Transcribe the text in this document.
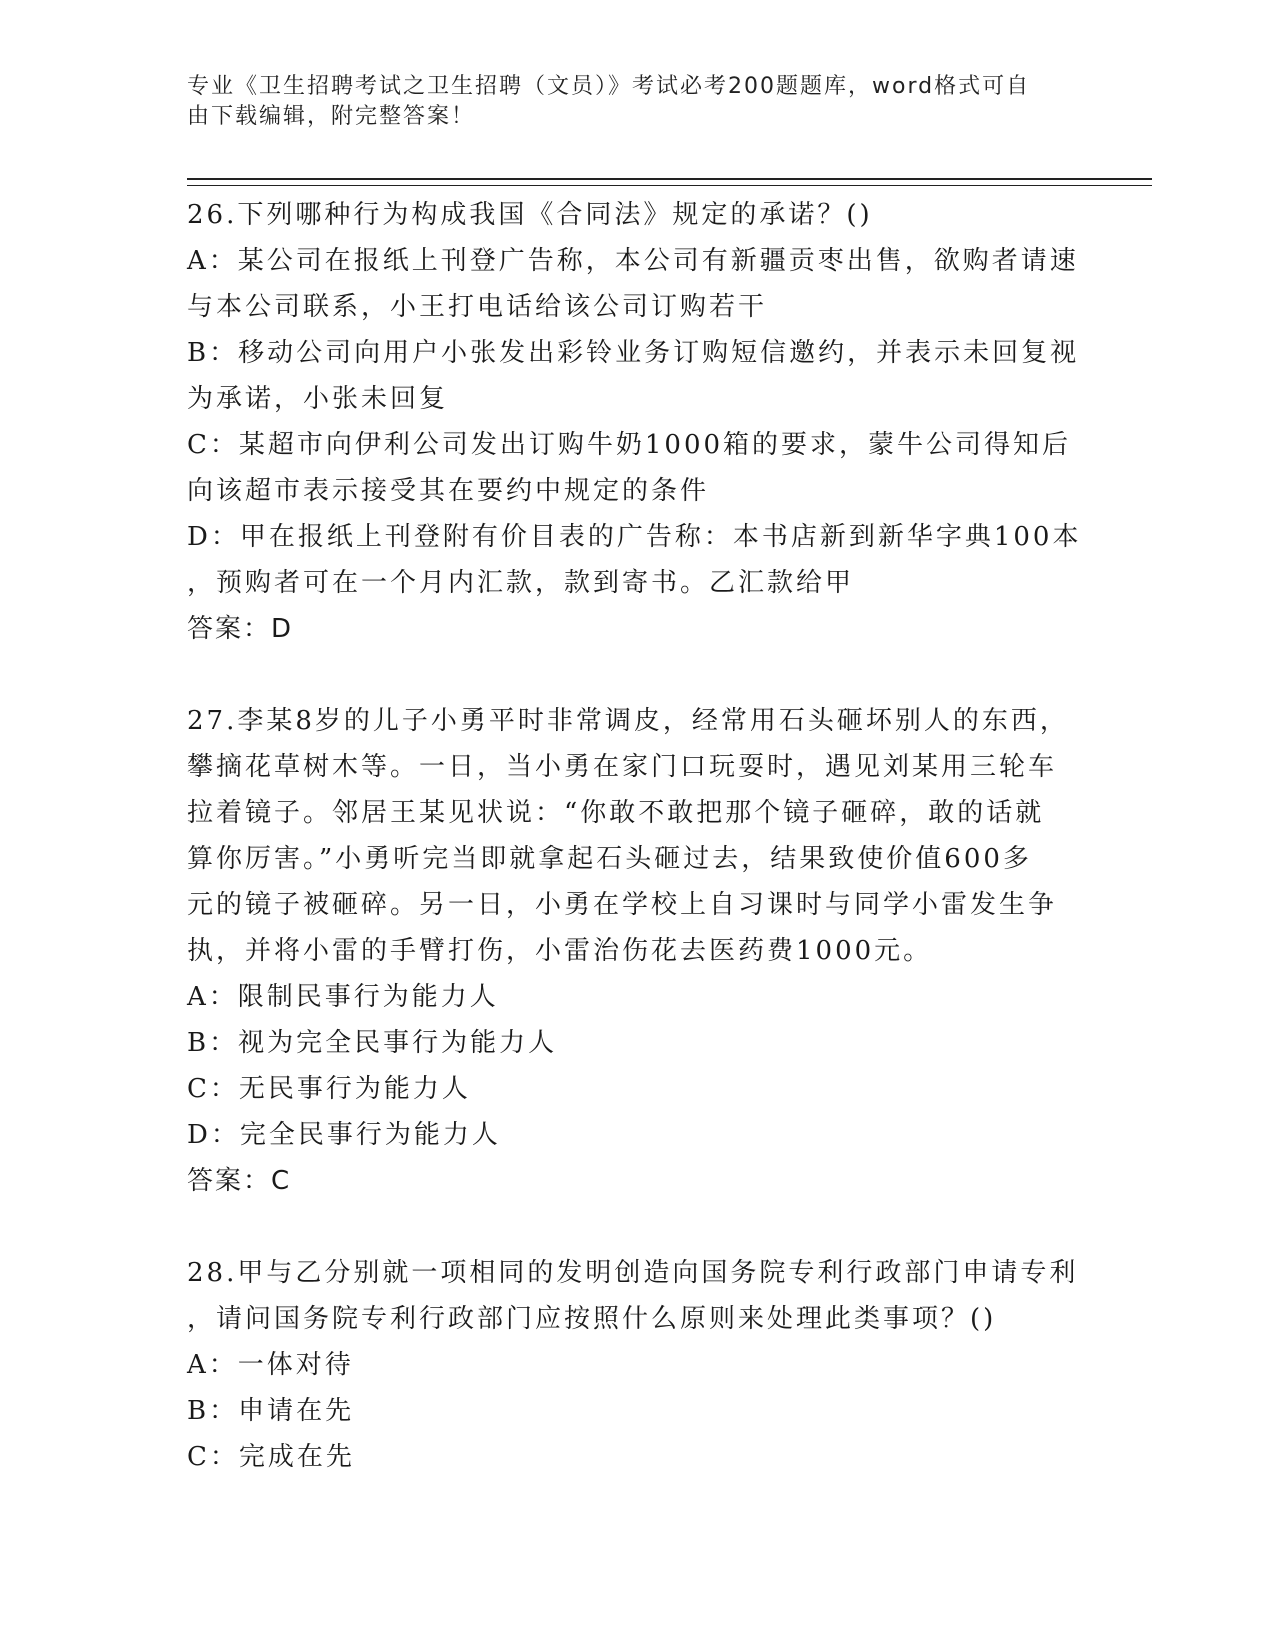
专业《卫生招聘考试之卫生招聘（文员）》考试必考200题题库，word格式可自
由下载编辑，附完整答案！

26.下列哪种行为构成我国《合同法》规定的承诺？()

A：某公司在报纸上刊登广告称，本公司有新疆贡枣出售，欲购者请速

与本公司联系，小王打电话给该公司订购若干

B：移动公司向用户小张发出彩铃业务订购短信邀约，并表示未回复视

为承诺，小张未回复

C：某超市向伊利公司发出订购牛奶1000箱的要求，蒙牛公司得知后

向该超市表示接受其在要约中规定的条件

D：甲在报纸上刊登附有价目表的广告称：本书店新到新华字典100本

，预购者可在一个月内汇款，款到寄书。乙汇款给甲

答案：D

27.李某8岁的儿子小勇平时非常调皮，经常用石头砸坏别人的东西，

攀摘花草树木等。一日，当小勇在家门口玩耍时，遇见刘某用三轮车

拉着镜子。邻居王某见状说：“你敢不敢把那个镜子砸碎，敢的话就

算你厉害。”小勇听完当即就拿起石头砸过去，结果致使价值600多

元的镜子被砸碎。另一日，小勇在学校上自习课时与同学小雷发生争

执，并将小雷的手臂打伤，小雷治伤花去医药费1000元。

A：限制民事行为能力人

B：视为完全民事行为能力人

C：无民事行为能力人

D：完全民事行为能力人

答案：C

28.甲与乙分别就一项相同的发明创造向国务院专利行政部门申请专利

，请问国务院专利行政部门应按照什么原则来处理此类事项？()

A：一体对待

B：申请在先

C：完成在先
